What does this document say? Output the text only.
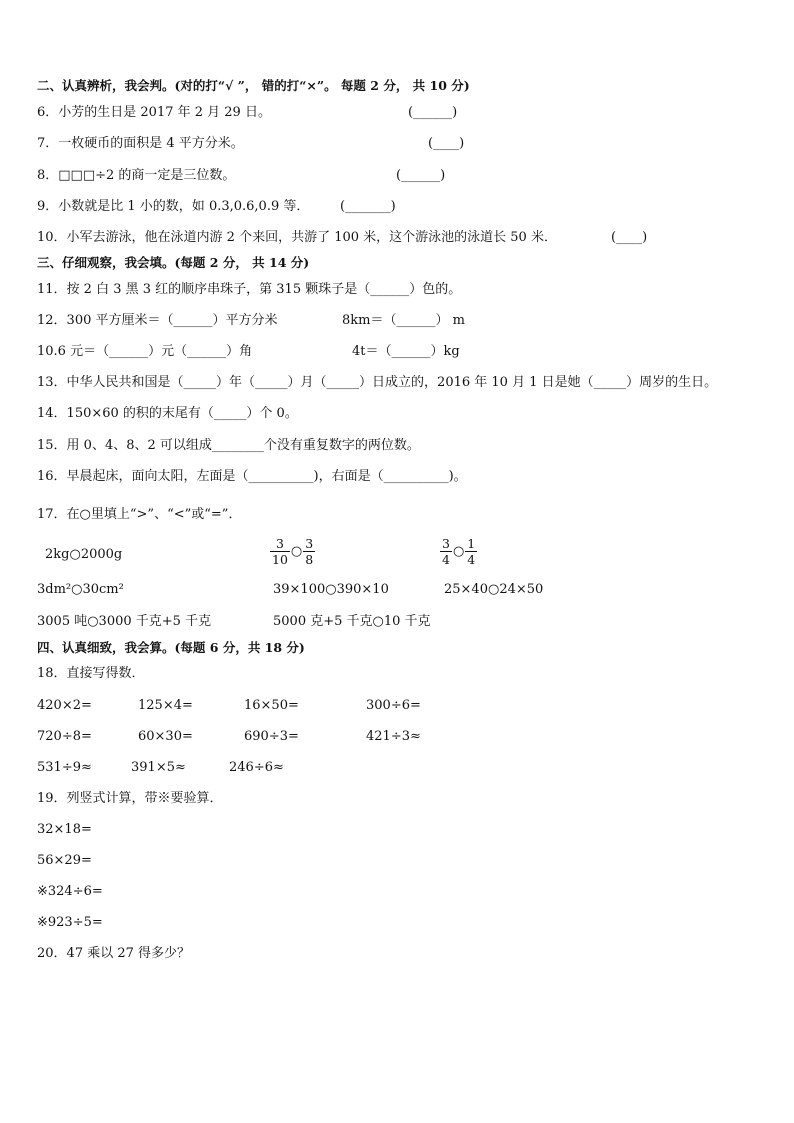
二、认真辨析，我会判。(对的打“√ ”， 错的打“×”。 每题 2 分， 共 10 分)
6．小芳的生日是 2017 年 2 月 29 日。	(______)
7．一枚硬币的面积是 4 平方分米。	(____)
8．□□□÷2 的商一定是三位数。	(______)
9．小数就是比 1 小的数，如 0.3,0.6,0.9 等． (_______)
10．小军去游泳，他在泳道内游 2 个来回，共游了 100 米，这个游泳池的泳道长 50 米．	(____)
三、仔细观察，我会填。(每题 2 分， 共 14 分)
11．按 2 白 3 黑 3 红的顺序串珠子，第 315 颗珠子是（______）色的。
12．300 平方厘米＝（______）平方分米	8km＝（______） m
10.6 元＝（______）元（______）角	4t＝（______）kg
13．中华人民共和国是（_____）年（_____）月（_____）日成立的，2016 年 10 月 1 日是她（_____）周岁的生日。
14．150×60 的积的末尾有（_____）个 0。
15．用 0、4、8、2 可以组成________个没有重复数字的两位数。
16．早晨起床，面向太阳，左面是（__________)，右面是（__________)。
17．在○里填上“>”、“<”或“=”．
2kg○2000g	$\frac{3}{10}$ ○ $\frac{3}{8}$	$\frac{3}{4}$ ○ $\frac{1}{4}$
3dm²○30cm²	39×100○390×10	25×40○24×50
3005 吨○3000 千克+5 千克	5000 克+5 千克○10 千克
四、认真细致，我会算。(每题 6 分，共 18 分)
18．直接写得数．
420×2=	125×4=	16×50=	300÷6=
720÷8=	60×30=	690÷3=	421÷3≈
531÷9≈	391×5≈	246÷6≈
19．列竖式计算，带※要验算．
32×18=
56×29=
※324÷6=
※923÷5=
20．47 乘以 27 得多少？
